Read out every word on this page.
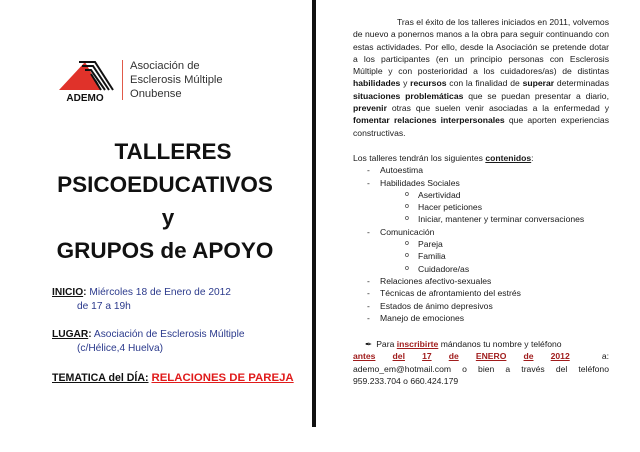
ADEMO
Asociación de
Esclerosis Múltiple
Onubense
TALLERES
PSICOEDUCATIVOS
y
GRUPOS de APOYO
INICIO: Miércoles 18 de Enero de 2012
de 17 a 19h
LUGAR: Asociación de Esclerosis Múltiple
(c/Hélice,4 Huelva)
TEMATICA del DÍA: RELACIONES DE PAREJA

Tras el éxito de los talleres iniciados en 2011, volvemos de nuevo a ponernos manos a la obra para seguir continuando con estas actividades. Por ello, desde la Asociación se pretende dotar a los participantes (en un principio personas con Esclerosis Múltiple y con posterioridad a los cuidadores/as) de distintas habilidades y recursos con la finalidad de superar determinadas situaciones problemáticas que se puedan presentar a diario, prevenir otras que suelen venir asociadas a la enfermedad y fomentar relaciones interpersonales que aporten experiencias constructivas.

Los talleres tendrán los siguientes contenidos:

- Autoestima
- Habilidades Sociales
o Asertividad
o Hacer peticiones
o Iniciar, mantener y terminar conversaciones
- Comunicación
o Pareja
o Familia
o Cuidadore/as
- Relaciones afectivo-sexuales
- Técnicas de afrontamiento del estrés
- Estados de ánimo depresivos
- Manejo de emociones
✒ Para inscribirte mándanos tu nombre y teléfono
antes del 17 de ENERO de 2012	a:
ademo_em@hotmail.com o bien a través del teléfono
959.233.704 o 660.424.179
